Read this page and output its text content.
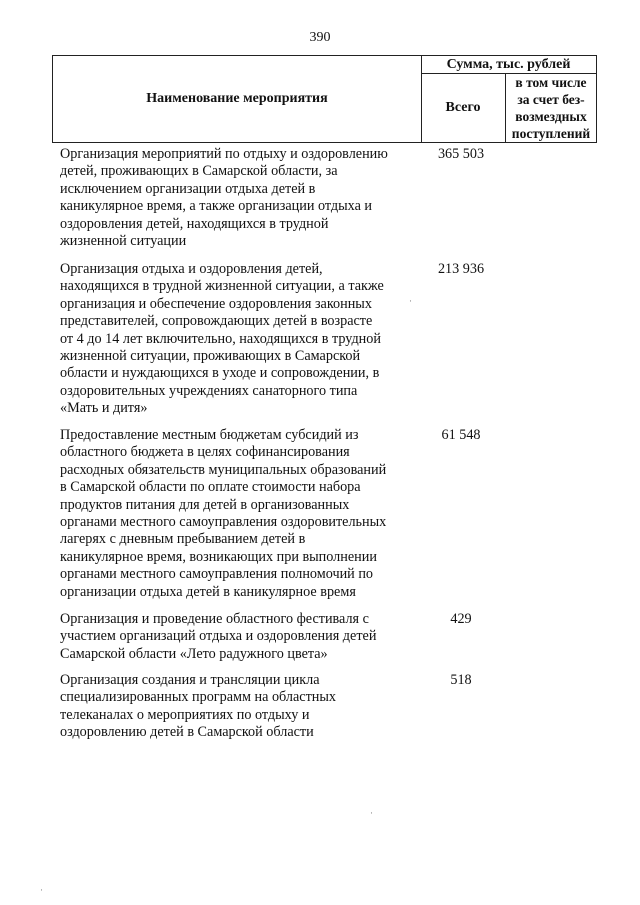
390
Наименование мероприятия
Сумма, тыс. рублей
Всего
в том числе
за счет без-
возмездных
поступлений
Организация мероприятий по отдыху и оздоровлению
детей, проживающих в Самарской области, за
исключением организации отдыха детей в
каникулярное время, а также организации отдыха и
оздоровления детей, находящихся в трудной
жизненной ситуации
365 503
Организация отдыха и оздоровления детей,
находящихся в трудной жизненной ситуации, а также
организация и обеспечение оздоровления законных
представителей, сопровождающих детей в возрасте
от 4 до 14 лет включительно, находящихся в трудной
жизненной ситуации, проживающих в Самарской
области и нуждающихся в уходе и сопровождении, в
оздоровительных учреждениях санаторного типа
«Мать и дитя»
213 936
Предоставление местным бюджетам субсидий из
областного бюджета в целях софинансирования
расходных обязательств муниципальных образований
в Самарской области по оплате стоимости набора
продуктов питания для детей в организованных
органами местного самоуправления оздоровительных
лагерях с дневным пребыванием детей в
каникулярное время, возникающих при выполнении
органами местного самоуправления полномочий по
организации отдыха детей в каникулярное время
61 548
Организация и проведение областного фестиваля с
участием организаций отдыха и оздоровления детей
Самарской области «Лето радужного цвета»
429
Организация создания и трансляции цикла
специализированных программ на областных
телеканалах о мероприятиях по отдыху и
оздоровлению детей в Самарской области
518
·
·
·
